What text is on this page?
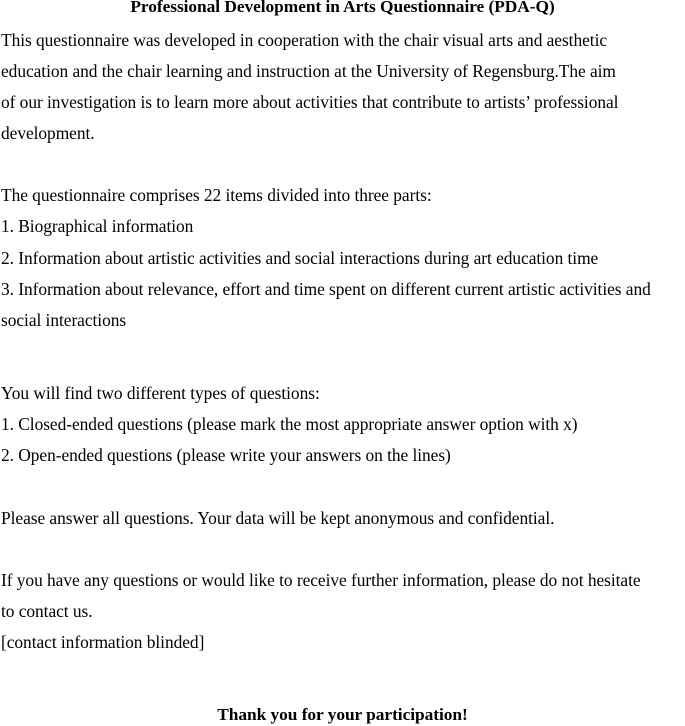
Professional Development in Arts Questionnaire (PDA-Q)
This questionnaire was developed in cooperation with the chair visual arts and aesthetic
education and the chair learning and instruction at the University of Regensburg.The aim
of our investigation is to learn more about activities that contribute to artists’ professional
development.
The questionnaire comprises 22 items divided into three parts:
1. Biographical information
2. Information about artistic activities and social interactions during art education time
3. Information about relevance, effort and time spent on different current artistic activities and
social interactions
You will find two different types of questions:
1. Closed-ended questions (please mark the most appropriate answer option with x)
2. Open-ended questions (please write your answers on the lines)
Please answer all questions. Your data will be kept anonymous and confidential.
If you have any questions or would like to receive further information, please do not hesitate
to contact us.
[contact information blinded]
Thank you for your participation!
